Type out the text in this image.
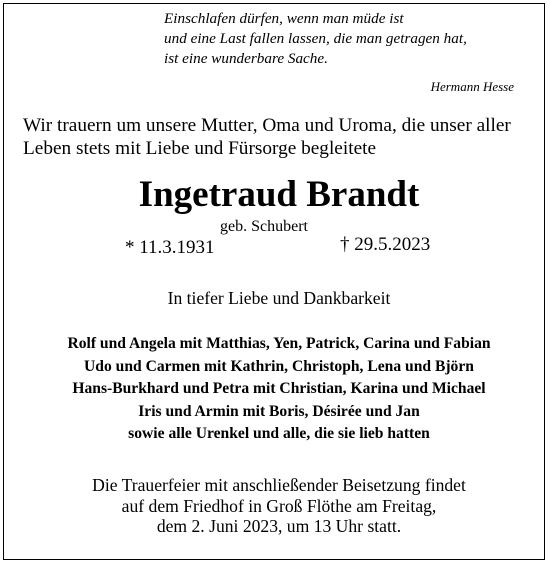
Einschlafen dürfen, wenn man müde ist
und eine Last fallen lassen, die man getragen hat,
ist eine wunderbare Sache.
Hermann Hesse
Wir trauern um unsere Mutter, Oma und Uroma, die unser aller
Leben stets mit Liebe und Fürsorge begleitete
Ingetraud Brandt
geb. Schubert
* 11.3.1931	† 29.5.2023
In tiefer Liebe und Dankbarkeit
Rolf und Angela mit Matthias, Yen, Patrick, Carina und Fabian
Udo und Carmen mit Kathrin, Christoph, Lena und Björn
Hans-Burkhard und Petra mit Christian, Karina und Michael
Iris und Armin mit Boris, Désirée und Jan
sowie alle Urenkel und alle, die sie lieb hatten
Die Trauerfeier mit anschließender Beisetzung findet
auf dem Friedhof in Groß Flöthe am Freitag,
dem 2. Juni 2023, um 13 Uhr statt.
